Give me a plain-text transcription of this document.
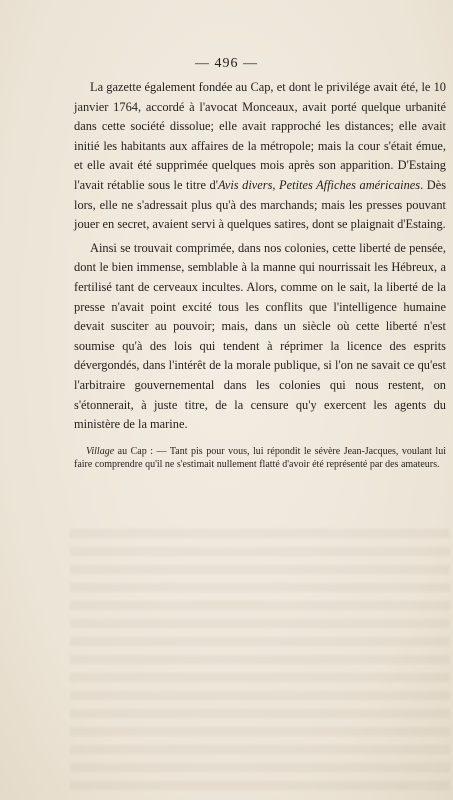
— 496 —

La gazette également fondée au Cap, et dont le privilége avait été, le 10 janvier 1764, accordé à l'avocat Monceaux, avait porté quelque urbanité dans cette société dissolue; elle avait rapproché les distances; elle avait initié les habitants aux affaires de la métropole; mais la cour s'était émue, et elle avait été supprimée quelques mois après son apparition. D'Estaing l'avait rétablie sous le titre d'Avis divers, Petites Affiches américaines. Dès lors, elle ne s'adressait plus qu'à des marchands; mais les presses pouvant jouer en secret, avaient servi à quelques satires, dont se plaignait d'Estaing.

Ainsi se trouvait comprimée, dans nos colonies, cette liberté de pensée, dont le bien immense, semblable à la manne qui nourrissait les Hébreux, a fertilisé tant de cerveaux incultes. Alors, comme on le sait, la liberté de la presse n'avait point excité tous les conflits que l'intelligence humaine devait susciter au pouvoir; mais, dans un siècle où cette liberté n'est soumise qu'à des lois qui tendent à réprimer la licence des esprits dévergondés, dans l'intérêt de la morale publique, si l'on ne savait ce qu'est l'arbitraire gouvernemental dans les colonies qui nous restent, on s'étonnerait, à juste titre, de la censure qu'y exercent les agents du ministère de la marine.

Village au Cap : — Tant pis pour vous, lui répondit le sévère Jean-Jacques, voulant lui faire comprendre qu'il ne s'estimait nullement flatté d'avoir été représenté par des amateurs.
